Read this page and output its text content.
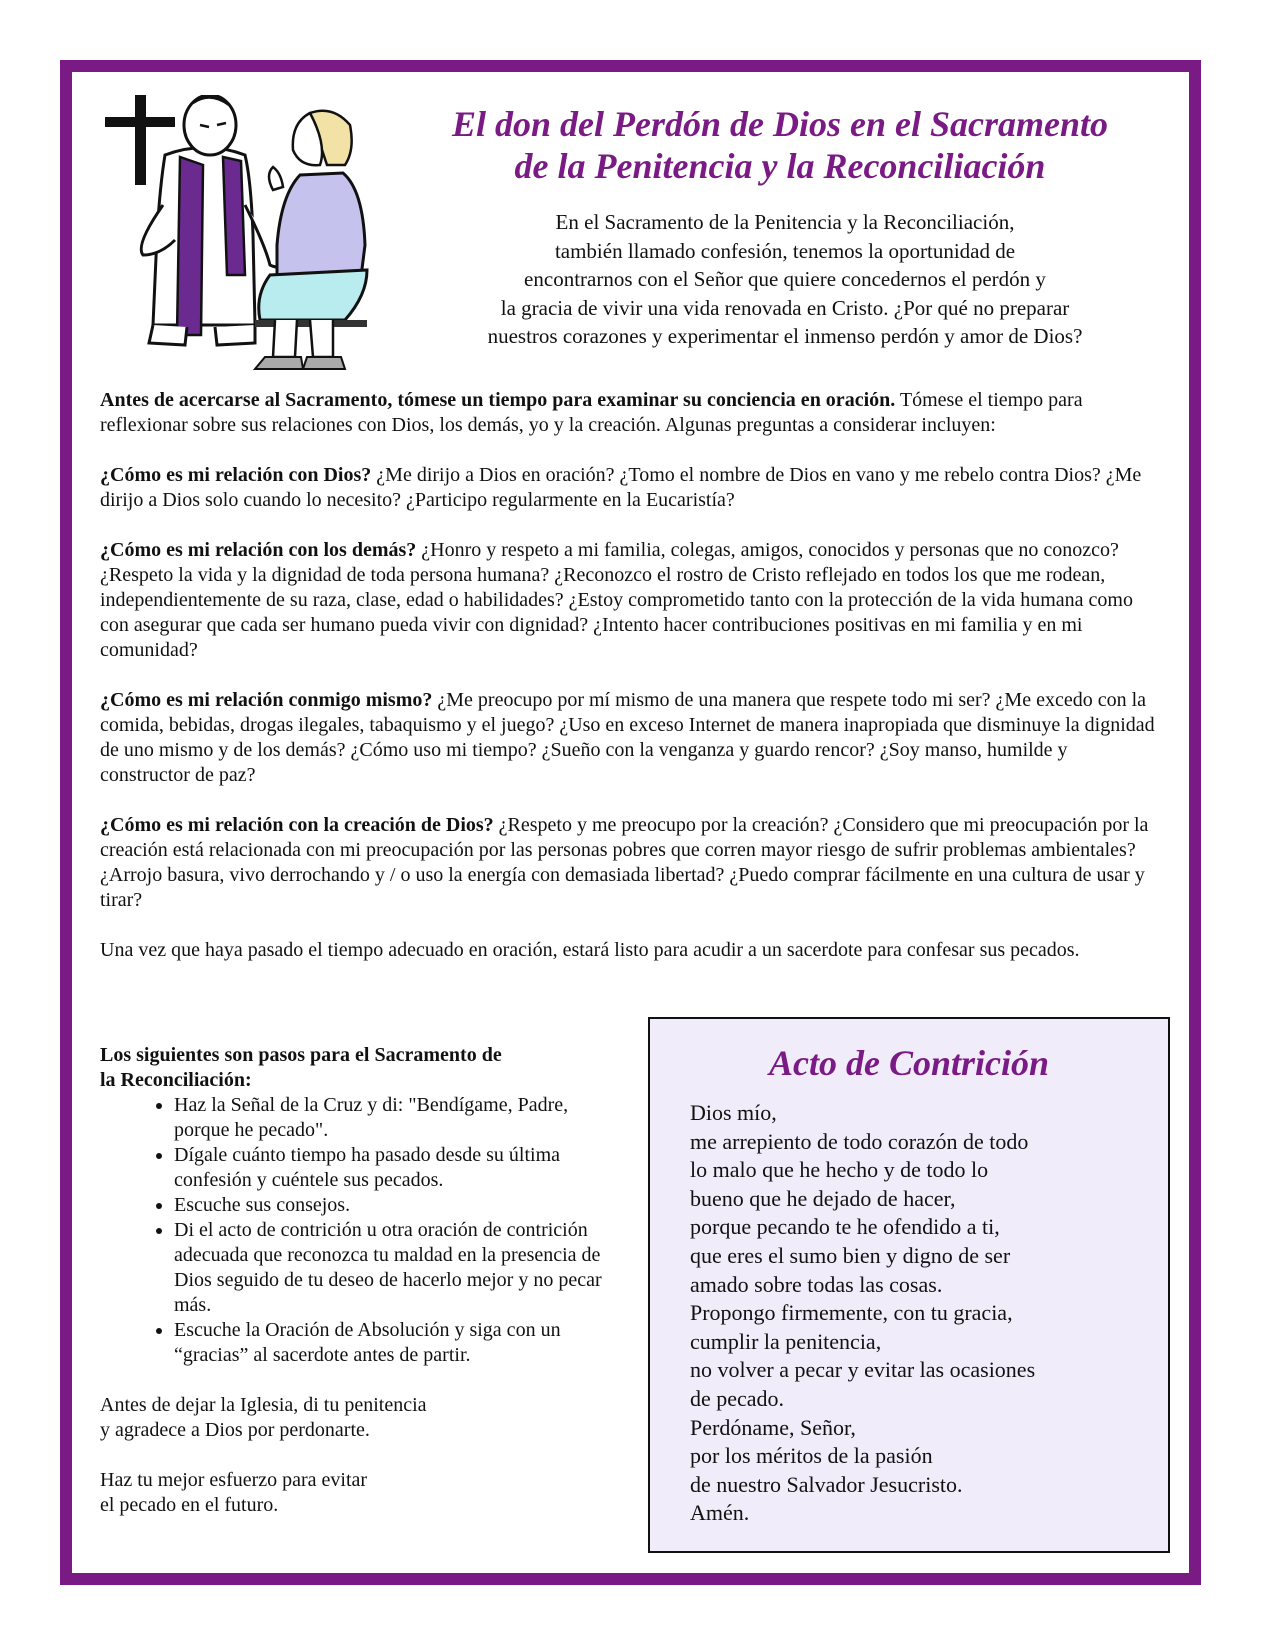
El don del Perdón de Dios en el Sacramento
de la Penitencia y la Reconciliación

En el Sacramento de la Penitencia y la Reconciliación,
también llamado confesión, tenemos la oportunidad de
encontrarnos con el Señor que quiere concedernos el perdón y
la gracia de vivir una vida renovada en Cristo. ¿Por qué no preparar
nuestros corazones y experimentar el inmenso perdón y amor de Dios?

Antes de acercarse al Sacramento, tómese un tiempo para examinar su conciencia en oración. Tómese el tiempo para reflexionar sobre sus relaciones con Dios, los demás, yo y la creación. Algunas preguntas a considerar incluyen:

¿Cómo es mi relación con Dios? ¿Me dirijo a Dios en oración? ¿Tomo el nombre de Dios en vano y me rebelo contra Dios? ¿Me dirijo a Dios solo cuando lo necesito? ¿Participo regularmente en la Eucaristía?

¿Cómo es mi relación con los demás? ¿Honro y respeto a mi familia, colegas, amigos, conocidos y personas que no conozco? ¿Respeto la vida y la dignidad de toda persona humana? ¿Reconozco el rostro de Cristo reflejado en todos los que me rodean, independientemente de su raza, clase, edad o habilidades? ¿Estoy comprometido tanto con la protección de la vida humana como con asegurar que cada ser humano pueda vivir con dignidad? ¿Intento hacer contribuciones positivas en mi familia y en mi comunidad?

¿Cómo es mi relación conmigo mismo? ¿Me preocupo por mí mismo de una manera que respete todo mi ser? ¿Me excedo con la comida, bebidas, drogas ilegales, tabaquismo y el juego? ¿Uso en exceso Internet de manera inapropiada que disminuye la dignidad de uno mismo y de los demás? ¿Cómo uso mi tiempo? ¿Sueño con la venganza y guardo rencor? ¿Soy manso, humilde y constructor de paz?

¿Cómo es mi relación con la creación de Dios? ¿Respeto y me preocupo por la creación? ¿Considero que mi preocupación por la creación está relacionada con mi preocupación por las personas pobres que corren mayor riesgo de sufrir problemas ambientales? ¿Arrojo basura, vivo derrochando y / o uso la energía con demasiada libertad? ¿Puedo comprar fácilmente en una cultura de usar y tirar?

Una vez que haya pasado el tiempo adecuado en oración, estará listo para acudir a un sacerdote para confesar sus pecados.

Los siguientes son pasos para el Sacramento de
la Reconciliación:

• Haz la Señal de la Cruz y di: "Bendígame, Padre, porque he pecado".
• Dígale cuánto tiempo ha pasado desde su última confesión y cuéntele sus pecados.
• Escuche sus consejos.
• Di el acto de contrición u otra oración de contrición adecuada que reconozca tu maldad en la presencia de Dios seguido de tu deseo de hacerlo mejor y no pecar más.
• Escuche la Oración de Absolución y siga con un “gracias” al sacerdote antes de partir.

Antes de dejar la Iglesia, di tu penitencia
y agradece a Dios por perdonarte.

Haz tu mejor esfuerzo para evitar
el pecado en el futuro.

Acto de Contrición
Dios mío,
me arrepiento de todo corazón de todo
lo malo que he hecho y de todo lo
bueno que he dejado de hacer,
porque pecando te he ofendido a ti,
que eres el sumo bien y digno de ser
amado sobre todas las cosas.
Propongo firmemente, con tu gracia,
cumplir la penitencia,
no volver a pecar y evitar las ocasiones
de pecado.
Perdóname, Señor,
por los méritos de la pasión
de nuestro Salvador Jesucristo.
Amén.
